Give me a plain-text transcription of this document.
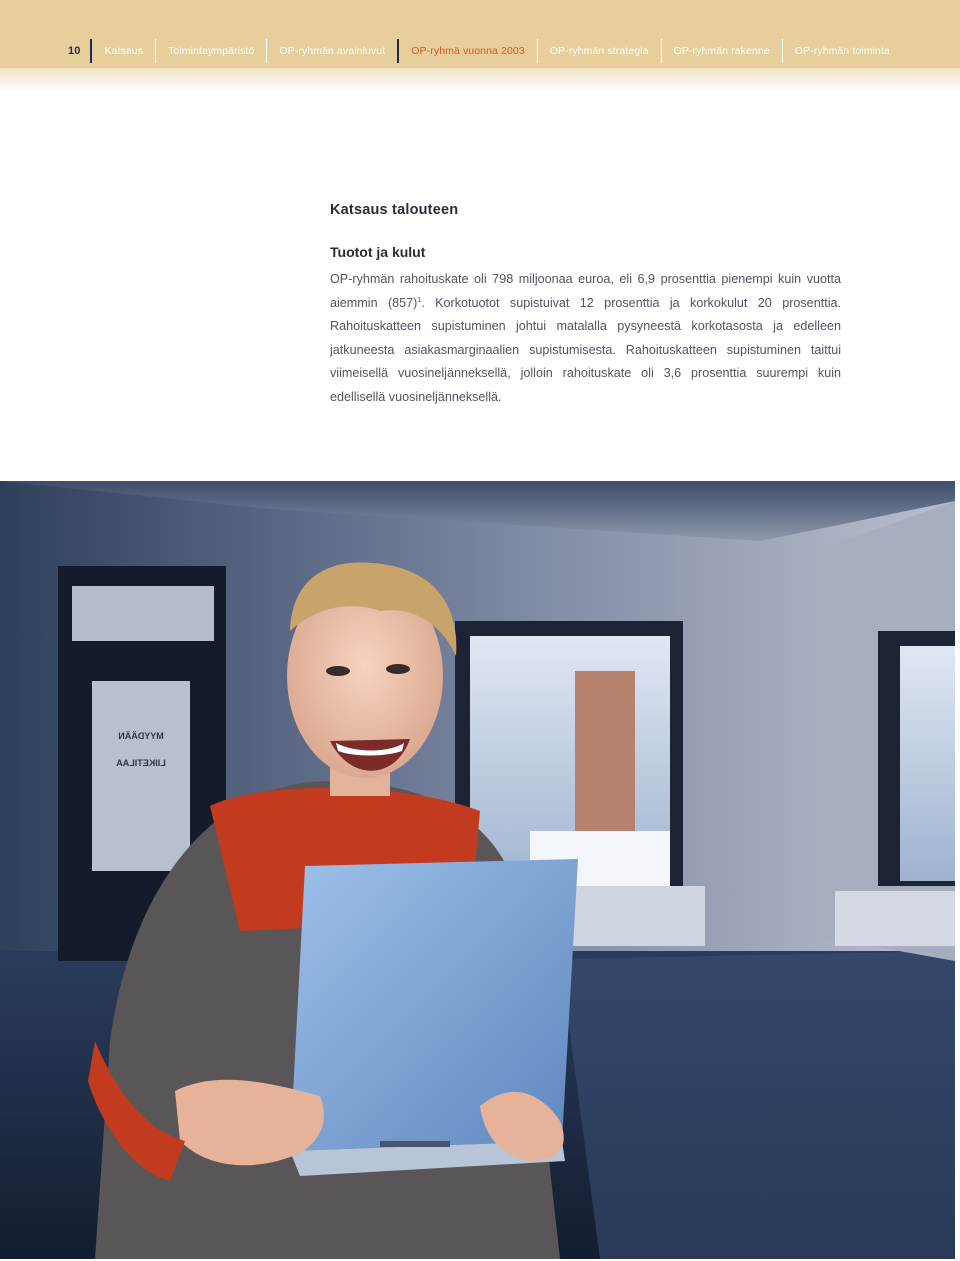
10	Katsaus	Toimintaympäristö	OP-ryhmän avainluvut	OP-ryhmä vuonna 2003	OP-ryhmän strategia	OP-ryhmän rakenne	OP-ryhmän toiminta
Katsaus talouteen
Tuotot ja kulut

OP-ryhmän rahoituskate oli 798 miljoonaa euroa, eli 6,9 prosenttia pienempi kuin vuotta aiemmin $(857)^1$. Korkotuotot supistuivat 12 prosenttia ja korkokulut 20 prosenttia. Rahoituskatteen supistuminen johtui matalalla pysyneestä korkotasosta ja edelleen jatkuneesta asiakasmarginaalien supistumisesta. Rahoituskatteen supistuminen taittui viimeisellä vuosineljänneksellä, jolloin rahoituskate oli 3,6 prosenttia suurempi kuin edellisellä vuosineljänneksellä.

MYYDÄÄN
LIIKETILAA
